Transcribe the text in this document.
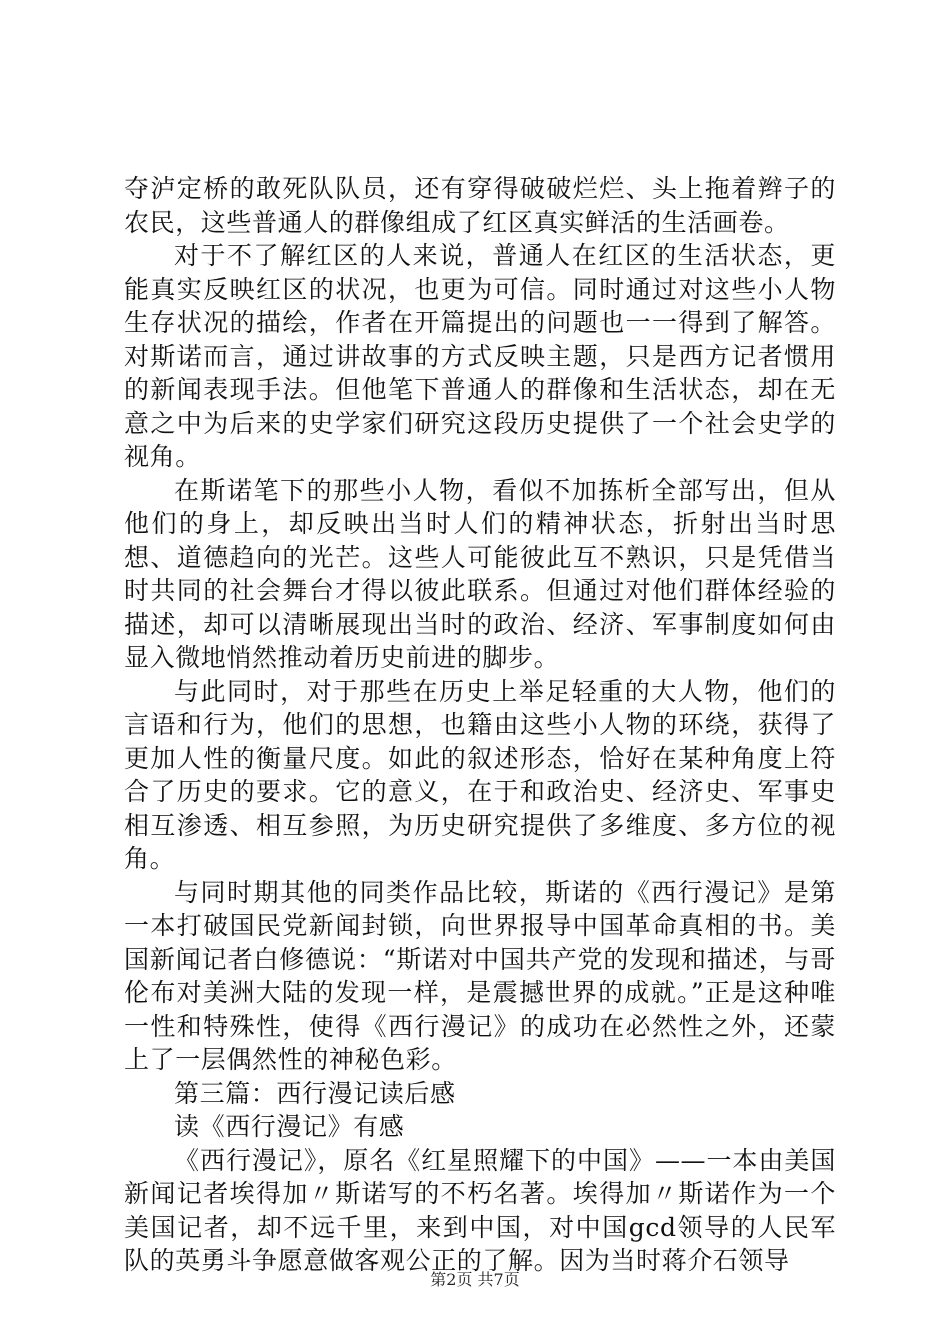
夺泸定桥的敢死队队员，还有穿得破破烂烂、头上拖着辫子的农民，这些普通人的群像组成了红区真实鲜活的生活画卷。

对于不了解红区的人来说，普通人在红区的生活状态，更能真实反映红区的状况，也更为可信。同时通过对这些小人物生存状况的描绘，作者在开篇提出的问题也一一得到了解答。对斯诺而言，通过讲故事的方式反映主题，只是西方记者惯用的新闻表现手法。但他笔下普通人的群像和生活状态，却在无意之中为后来的史学家们研究这段历史提供了一个社会史学的视角。

在斯诺笔下的那些小人物，看似不加拣析全部写出，但从他们的身上，却反映出当时人们的精神状态，折射出当时思想、道德趋向的光芒。这些人可能彼此互不熟识，只是凭借当时共同的社会舞台才得以彼此联系。但通过对他们群体经验的描述，却可以清晰展现出当时的政治、经济、军事制度如何由显入微地悄然推动着历史前进的脚步。

与此同时，对于那些在历史上举足轻重的大人物，他们的言语和行为，他们的思想，也籍由这些小人物的环绕，获得了更加人性的衡量尺度。如此的叙述形态，恰好在某种角度上符合了历史的要求。它的意义，在于和政治史、经济史、军事史相互渗透、相互参照，为历史研究提供了多维度、多方位的视角。

与同时期其他的同类作品比较，斯诺的《西行漫记》是第一本打破国民党新闻封锁，向世界报导中国革命真相的书。美国新闻记者白修德说：“斯诺对中国共产党的发现和描述，与哥伦布对美洲大陆的发现一样，是震撼世界的成就。”正是这种唯一性和特殊性，使得《西行漫记》的成功在必然性之外，还蒙上了一层偶然性的神秘色彩。

第三篇：西行漫记读后感

读《西行漫记》有感

《西行漫记》，原名《红星照耀下的中国》——一本由美国新闻记者埃得加〃斯诺写的不朽名著。埃得加〃斯诺作为一个美国记者，却不远千里，来到中国，对中国gcd领导的人民军队的英勇斗争愿意做客观公正的了解。因为当时蒋介石领导

第2页 共7页
